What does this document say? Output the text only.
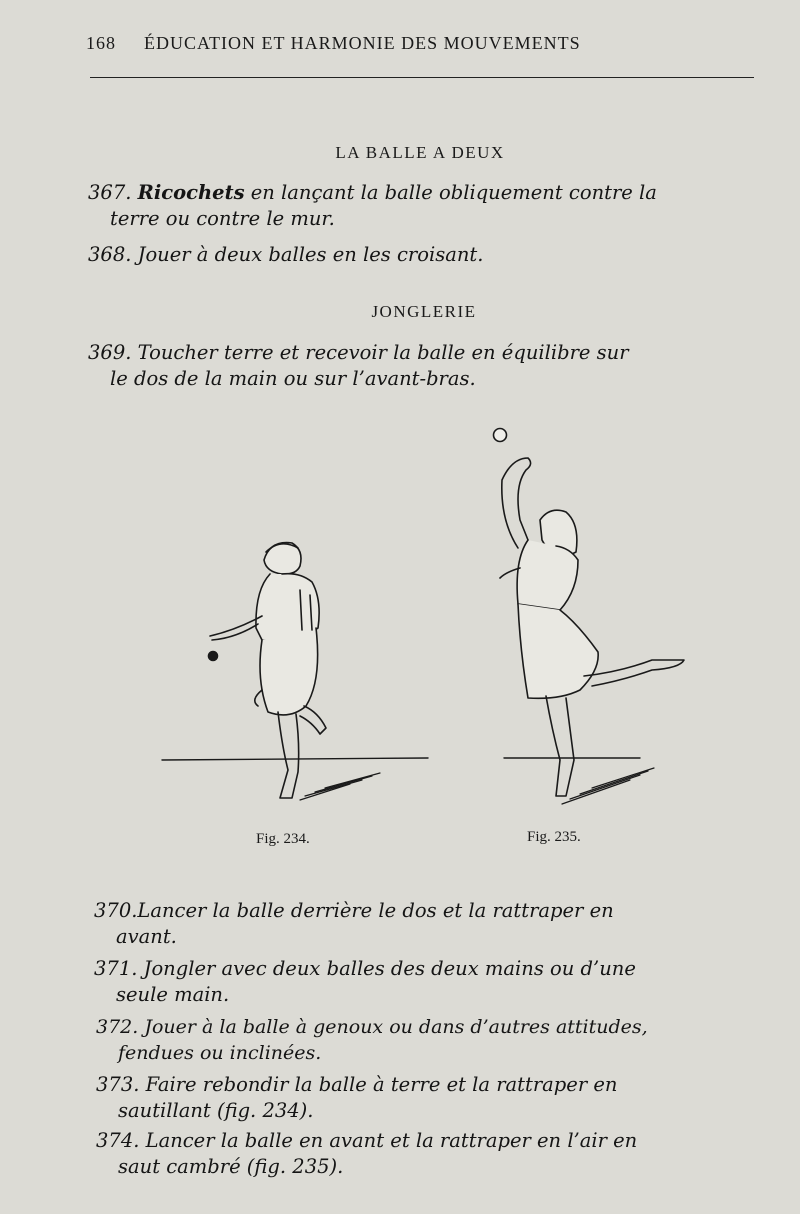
168 ÉDUCATION ET HARMONIE DES MOUVEMENTS
LA BALLE A DEUX
367. Ricochets en lançant la balle obliquement contre la
terre ou contre le mur.
368. Jouer à deux balles en les croisant.
JONGLERIE
369. Toucher terre et recevoir la balle en équilibre sur
le dos de la main ou sur l’avant-bras.
Fig. 234.	Fig. 235.
370.Lancer la balle derrière le dos et la rattraper en
avant.
371. Jongler avec deux balles des deux mains ou d’une
seule main.
372. Jouer à la balle à genoux ou dans d’autres attitudes,
fendues ou inclinées.
373. Faire rebondir la balle à terre et la rattraper en
sautillant (fig. 234).
374. Lancer la balle en avant et la rattraper en l’air en
saut cambré (fig. 235).
